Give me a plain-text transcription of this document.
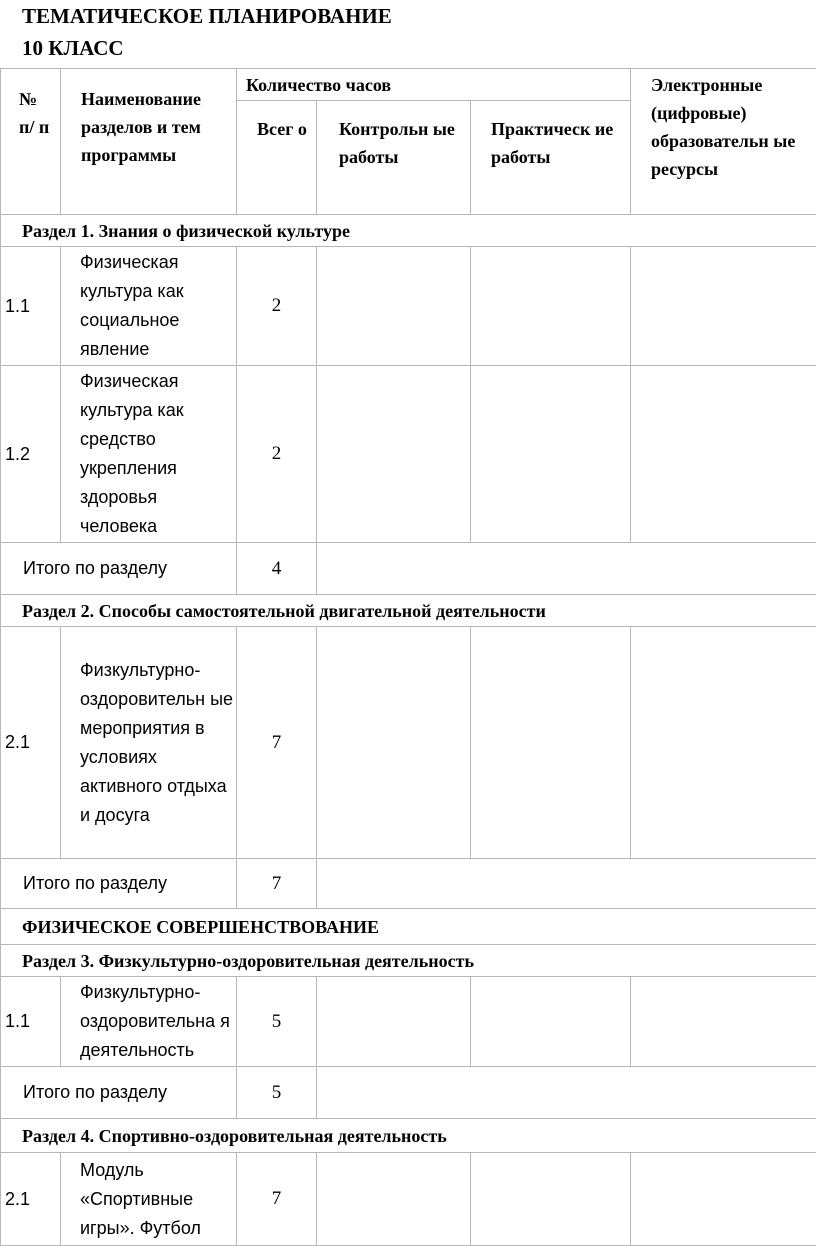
ТЕМАТИЧЕСКОЕ ПЛАНИРОВАНИЕ
10 КЛАСС
№ п/ п	Наименование разделов и тем программы	Количество часов			Электронные (цифровые) образовательн ые ресурсы
		Всег о	Контрольн ые работы	Практическ ие работы	
Раздел 1. Знания о физической культуре					
1.1	Физическая культура как социальное явление	2			
1.2	Физическая культура как средство укрепления здоровья человека	2			
Итого по разделу		4			
Раздел 2. Способы самостоятельной двигательной деятельности					
2.1	Физкультурно-оздоровительн ые мероприятия в условиях активного отдыха и досуга	7			
Итого по разделу		7			
ФИЗИЧЕСКОЕ СОВЕРШЕНСТВОВАНИЕ					
Раздел 3. Физкультурно-оздоровительная деятельность					
1.1	Физкультурно-оздоровительна я деятельность	5			
Итого по разделу		5			
Раздел 4. Спортивно-оздоровительная деятельность					
2.1	Модуль «Спортивные игры». Футбол	7			
